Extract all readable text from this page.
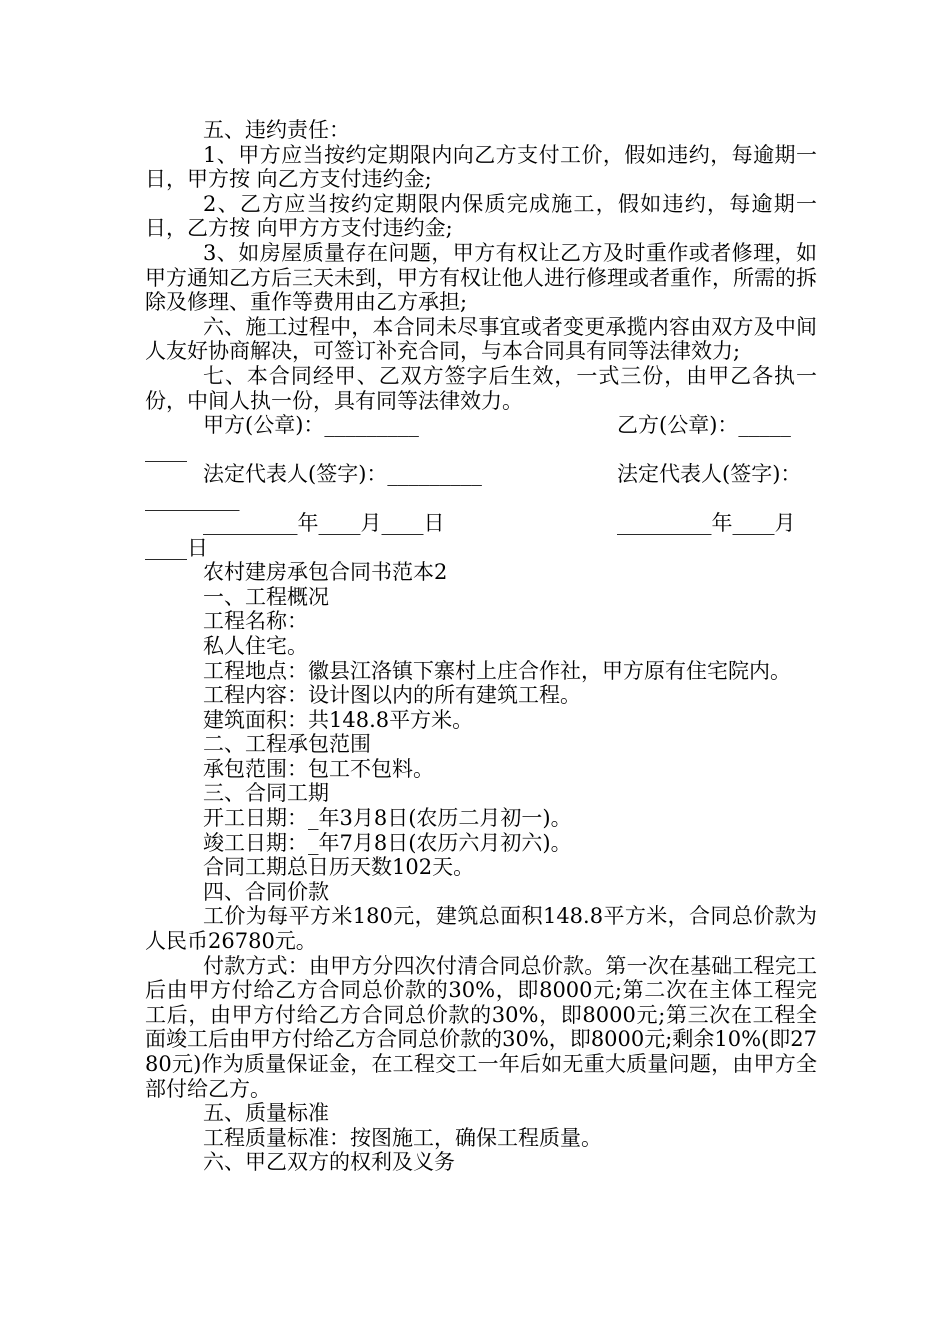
五、违约责任：

1、甲方应当按约定期限内向乙方支付工价，假如违约，每逾期一日，甲方按 向乙方支付违约金;

2、乙方应当按约定期限内保质完成施工，假如违约，每逾期一日，乙方按 向甲方方支付违约金;

3、如房屋质量存在问题，甲方有权让乙方及时重作或者修理，如甲方通知乙方后三天未到，甲方有权让他人进行修理或者重作，所需的拆除及修理、重作等费用由乙方承担;

六、施工过程中，本合同未尽事宜或者变更承揽内容由双方及中间人友好协商解决，可签订补充合同，与本合同具有同等法律效力;

七、本合同经甲、乙双方签字后生效，一式三份，由甲乙各执一份，中间人执一份，具有同等法律效力。

甲方(公章)：_________	乙方(公章)：_____
____
法定代表人(签字)：_________	法定代表人(签字)：
_________
_________年____月____日	_________年____月
____日

农村建房承包合同书范本2

一、工程概况

工程名称：

私人住宅。

工程地点：徽县江洛镇下寨村上庄合作社，甲方原有住宅院内。

工程内容：设计图以内的所有建筑工程。

建筑面积：共148.8平方米。

二、工程承包范围

承包范围：包工不包料。

三、合同工期

开工日期：_年3月8日(农历二月初一)。

竣工日期：_年7月8日(农历六月初六)。

合同工期总日历天数102天。

四、合同价款

工价为每平方米180元，建筑总面积148.8平方米，合同总价款为人民币26780元。

付款方式：由甲方分四次付清合同总价款。第一次在基础工程完工后由甲方付给乙方合同总价款的30%，即8000元;第二次在主体工程完工后，由甲方付给乙方合同总价款的30%，即8000元;第三次在工程全面竣工后由甲方付给乙方合同总价款的30%，即8000元;剩余10%(即2780元)作为质量保证金，在工程交工一年后如无重大质量问题，由甲方全部付给乙方。

五、质量标准

工程质量标准：按图施工，确保工程质量。

六、甲乙双方的权利及义务
